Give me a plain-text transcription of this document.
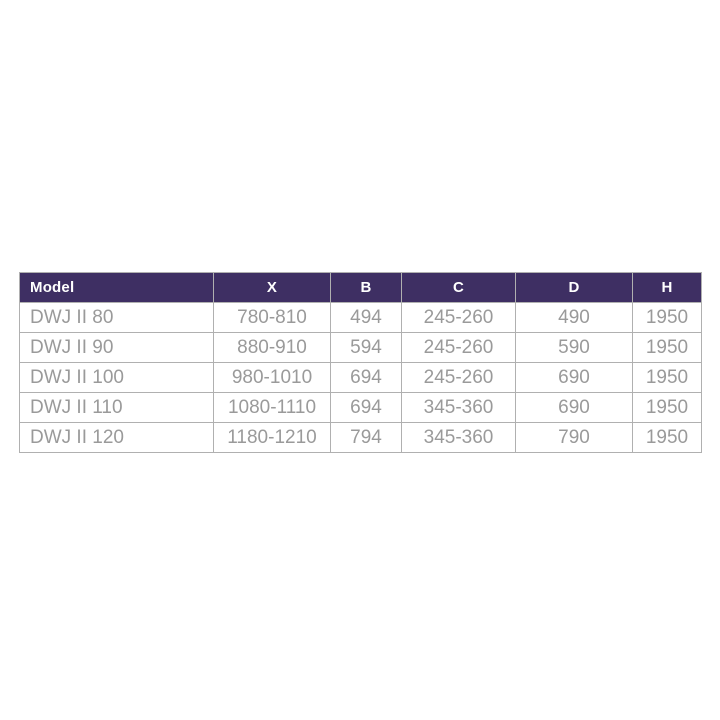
Model	X	B	C	D	H
DWJ II 80	780-810	494	245-260	490	1950
DWJ II 90	880-910	594	245-260	590	1950
DWJ II 100	980-1010	694	245-260	690	1950
DWJ II 110	1080-1110	694	345-360	690	1950
DWJ II 120	1180-1210	794	345-360	790	1950
